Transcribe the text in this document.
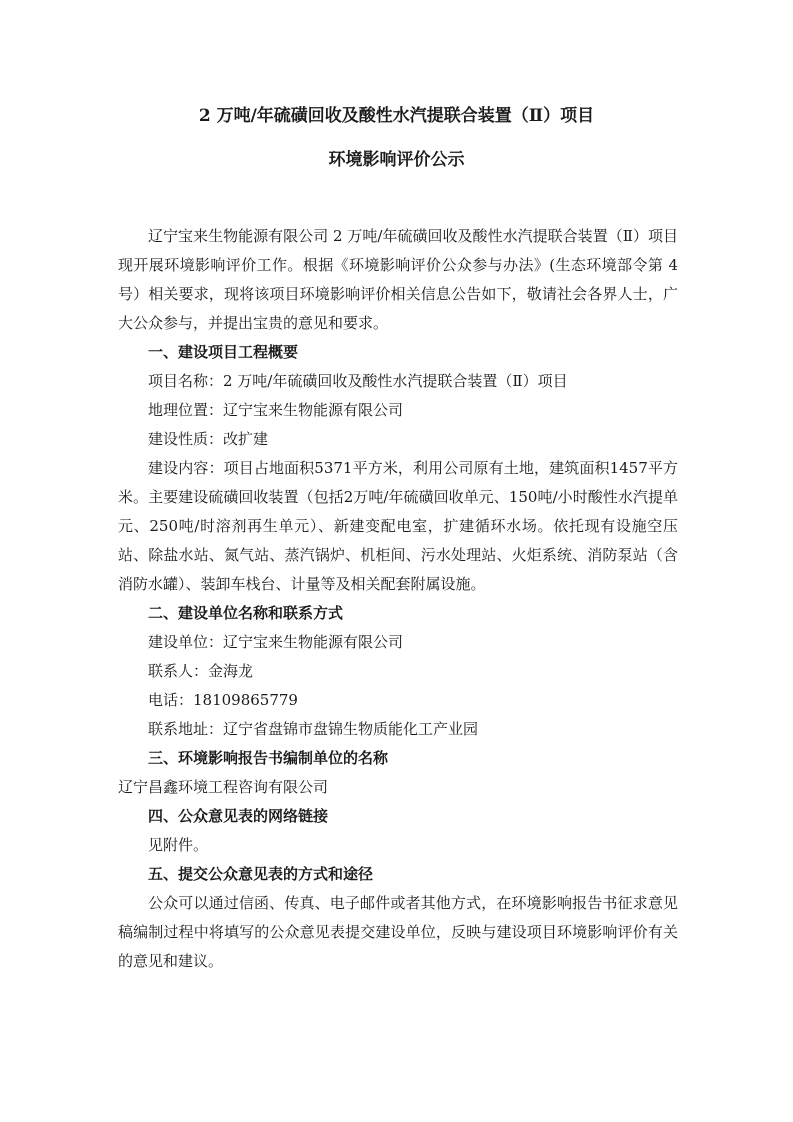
2 万吨/年硫磺回收及酸性水汽提联合装置（Ⅱ）项目

环境影响评价公示

辽宁宝来生物能源有限公司 2 万吨/年硫磺回收及酸性水汽提联合装置（Ⅱ）项目现开展环境影响评价工作。根据《环境影响评价公众参与办法》(生态环境部令第 4 号）相关要求，现将该项目环境影响评价相关信息公告如下，敬请社会各界人士，广大公众参与，并提出宝贵的意见和要求。

一、建设项目工程概要

项目名称：2 万吨/年硫磺回收及酸性水汽提联合装置（Ⅱ）项目

地理位置：辽宁宝来生物能源有限公司

建设性质：改扩建

建设内容：项目占地面积5371平方米，利用公司原有土地，建筑面积1457平方米。主要建设硫磺回收装置（包括2万吨/年硫磺回收单元、150吨/小时酸性水汽提单元、250吨/时溶剂再生单元）、新建变配电室，扩建循环水场。依托现有设施空压站、除盐水站、氮气站、蒸汽锅炉、机柜间、污水处理站、火炬系统、消防泵站（含消防水罐）、装卸车栈台、计量等及相关配套附属设施。

二、建设单位名称和联系方式

建设单位：辽宁宝来生物能源有限公司

联系人：金海龙

电话：18109865779

联系地址：辽宁省盘锦市盘锦生物质能化工产业园

三、环境影响报告书编制单位的名称

辽宁昌鑫环境工程咨询有限公司

四、公众意见表的网络链接

见附件。

五、提交公众意见表的方式和途径

公众可以通过信函、传真、电子邮件或者其他方式，在环境影响报告书征求意见稿编制过程中将填写的公众意见表提交建设单位，反映与建设项目环境影响评价有关的意见和建议。
